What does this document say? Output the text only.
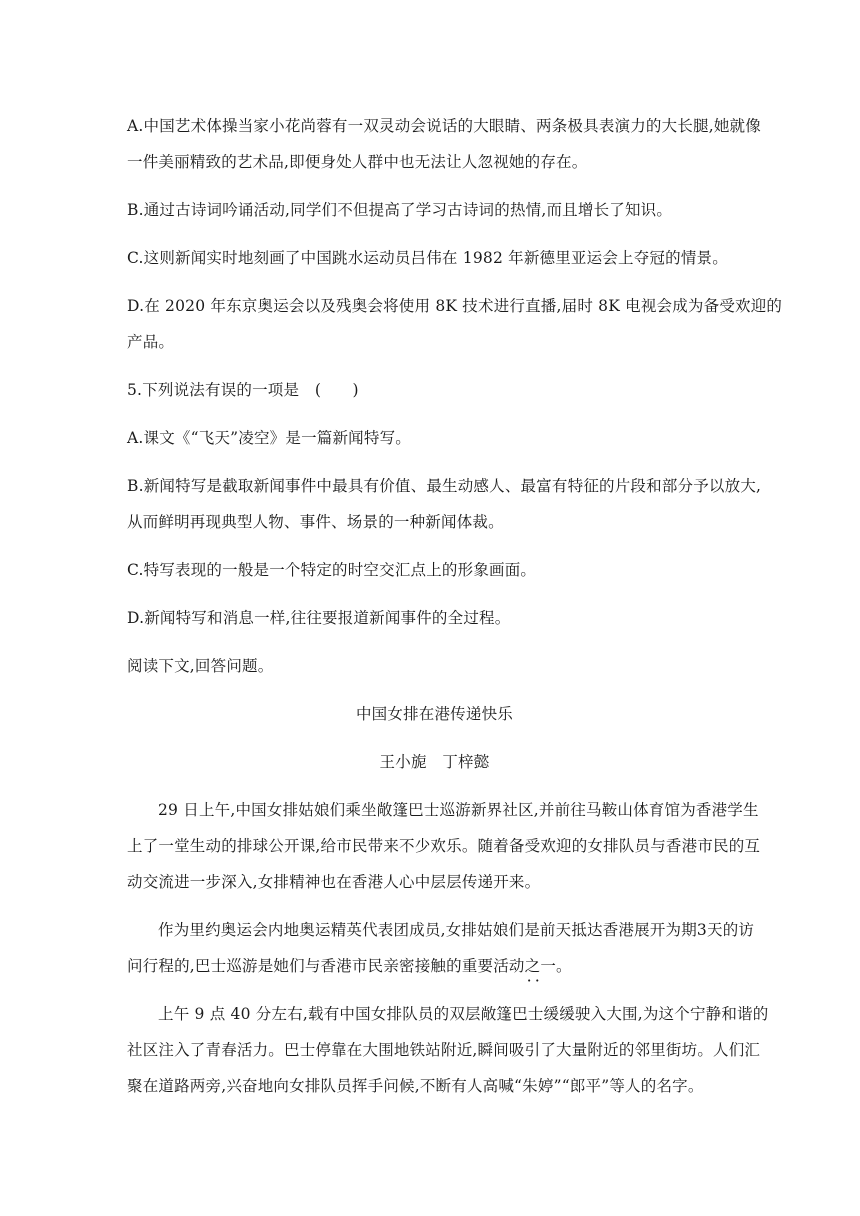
A.中国艺术体操当家小花尚蓉有一双灵动会说话的大眼睛、两条极具表演力的大长腿,她就像

一件美丽精致的艺术品,即便身处人群中也无法让人忽视她的存在。

B.通过古诗词吟诵活动,同学们不但提高了学习古诗词的热情,而且增长了知识。

C.这则新闻实时地刻画了中国跳水运动员吕伟在 1982 年新德里亚运会上夺冠的情景。

D.在 2020 年东京奥运会以及残奥会将使用 8K 技术进行直播,届时 8K 电视会成为备受欢迎的

产品。

5.下列说法有误的一项是　(　　)

A.课文《“飞天”凌空》是一篇新闻特写。

B.新闻特写是截取新闻事件中最具有价值、最生动感人、最富有特征的片段和部分予以放大,

从而鲜明再现典型人物、事件、场景的一种新闻体裁。

C.特写表现的一般是一个特定的时空交汇点上的形象画面。

D.新闻特写和消息一样,往往要报道新闻事件的全过程。

阅读下文,回答问题。

中国女排在港传递快乐

王小旎　丁梓懿

29 日上午,中国女排姑娘们乘坐敞篷巴士巡游新界社区,并前往马鞍山体育馆为香港学生

上了一堂生动的排球公开课,给市民带来不少欢乐。随着备受欢迎的女排队员与香港市民的互

动交流进一步深入,女排精神也在香港人心中层层传递开来。

作为里约奥运会内地奥运精英代表团成员,女排姑娘们是前天抵达香港展开为期3天的访

问行程的,巴士巡游是她们与香港市民亲密接触的重要活动之一 ··。

上午 9 点 40 分左右,载有中国女排队员的双层敞篷巴士缓缓驶入大围,为这个宁静和谐的

社区注入了青春活力。巴士停靠在大围地铁站附近,瞬间吸引了大量附近的邻里街坊。人们汇

聚在道路两旁,兴奋地向女排队员挥手问候,不断有人高喊“朱婷”“郎平”等人的名字。
